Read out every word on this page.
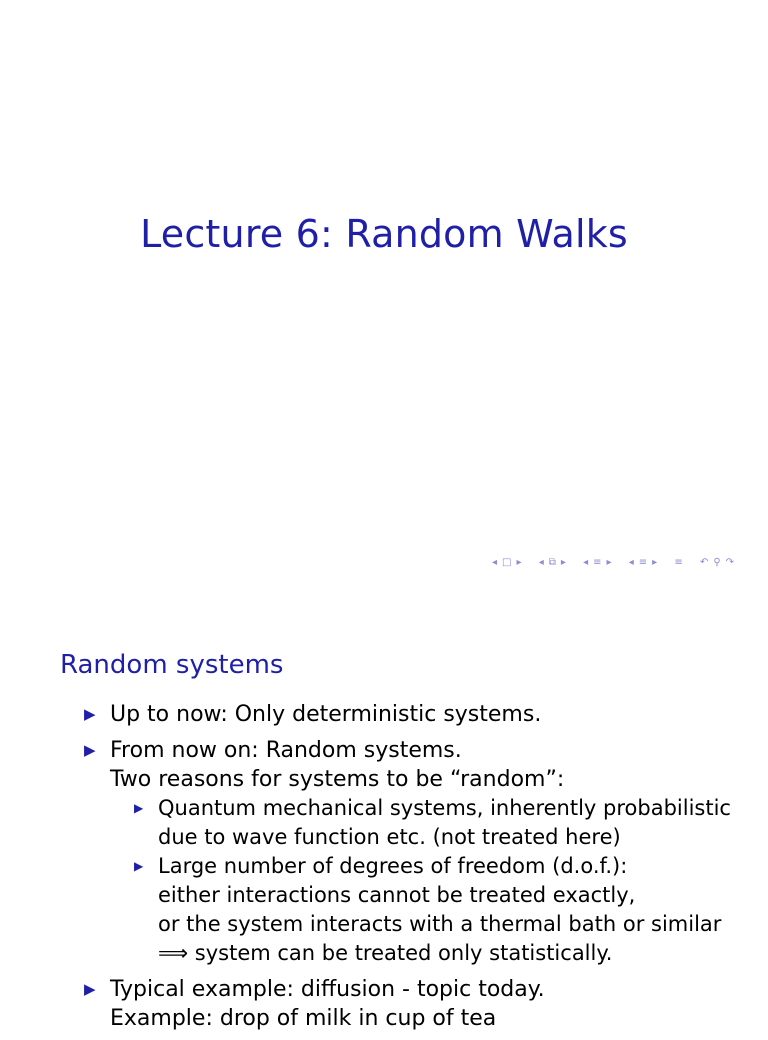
Lecture 6: Random Walks
◂ □ ▸ ◂ ⧉ ▸ ◂ ≡ ▸ ◂ ≡ ▸ ≡ ↶ ⚲ ↷
Random systems
▶ Up to now: Only deterministic systems.
▶ From now on: Random systems.
Two reasons for systems to be “random”:
▶ Quantum mechanical systems, inherently probabilistic
due to wave function etc. (not treated here)
▶ Large number of degrees of freedom (d.o.f.):
either interactions cannot be treated exactly,
or the system interacts with a thermal bath or similar
⟹ system can be treated only statistically.
▶ Typical example: diffusion - topic today.
Example: drop of milk in cup of tea
